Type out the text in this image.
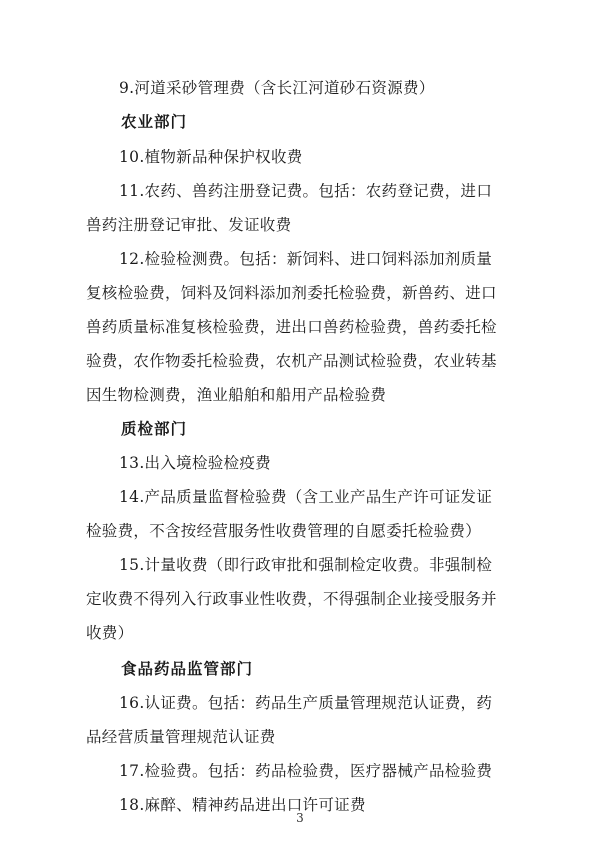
9.河道采砂管理费（含长江河道砂石资源费）
农业部门
10.植物新品种保护权收费
11.农药、兽药注册登记费。包括：农药登记费，进口
兽药注册登记审批、发证收费
12.检验检测费。包括：新饲料、进口饲料添加剂质量
复核检验费，饲料及饲料添加剂委托检验费，新兽药、进口
兽药质量标准复核检验费，进出口兽药检验费，兽药委托检
验费，农作物委托检验费，农机产品测试检验费，农业转基
因生物检测费，渔业船舶和船用产品检验费
质检部门
13.出入境检验检疫费
14.产品质量监督检验费（含工业产品生产许可证发证
检验费，不含按经营服务性收费管理的自愿委托检验费）
15.计量收费（即行政审批和强制检定收费。非强制检
定收费不得列入行政事业性收费，不得强制企业接受服务并
收费）
食品药品监管部门
16.认证费。包括：药品生产质量管理规范认证费，药
品经营质量管理规范认证费
17.检验费。包括：药品检验费，医疗器械产品检验费
18.麻醉、精神药品进出口许可证费
3
